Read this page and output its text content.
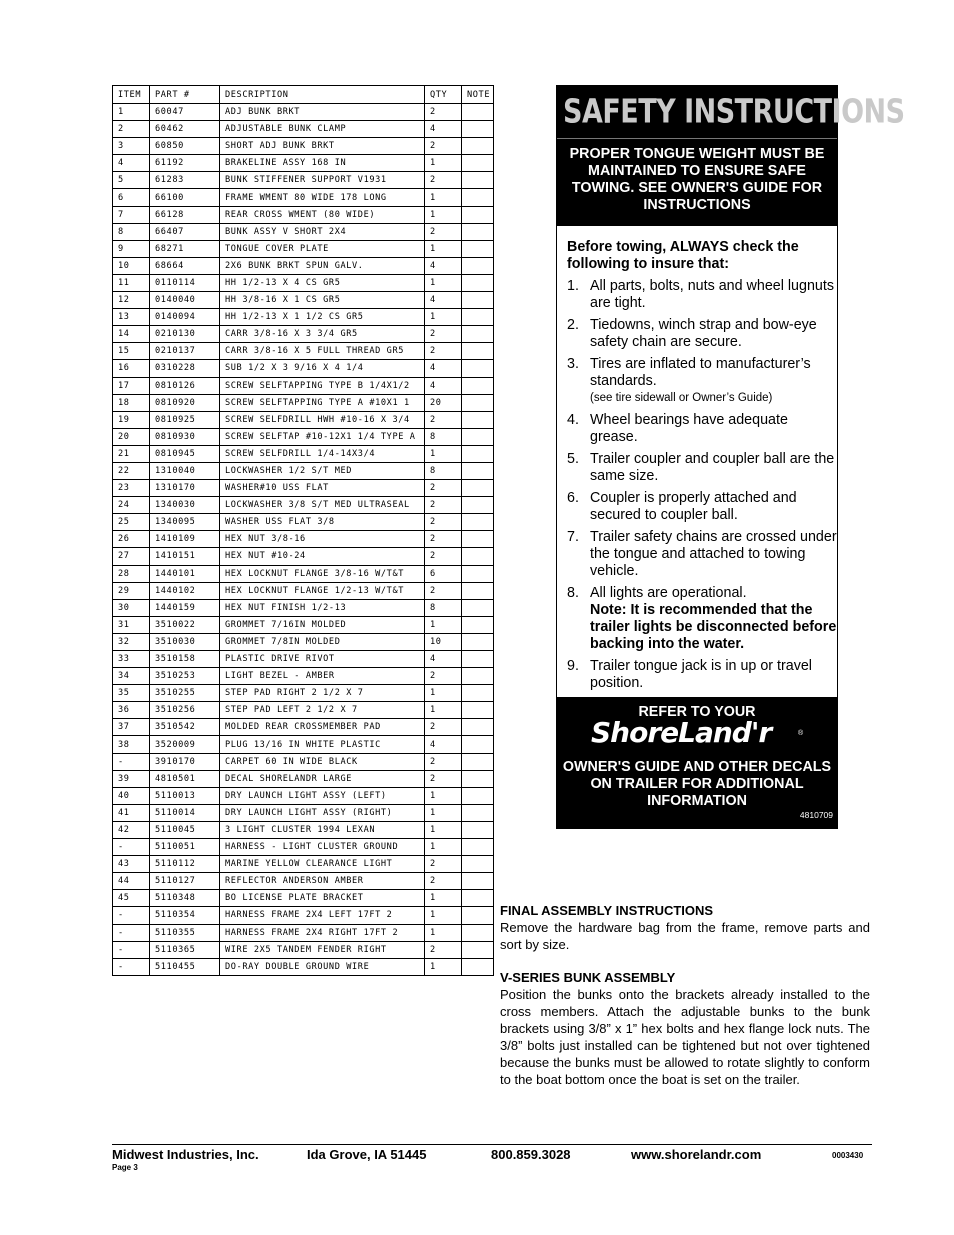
ITEM	PART #	DESCRIPTION	QTY	NOTE
1	60047	ADJ BUNK BRKT	2	
2	60462	ADJUSTABLE BUNK CLAMP	4	
3	60850	SHORT ADJ BUNK BRKT	2	
4	61192	BRAKELINE ASSY 168 IN	1	
5	61283	BUNK STIFFENER SUPPORT V1931	2	
6	66100	FRAME WMENT 80 WIDE 178 LONG	1	
7	66128	REAR CROSS WMENT (80 WIDE)	1	
8	66407	BUNK ASSY V SHORT 2X4	2	
9	68271	TONGUE COVER PLATE	1	
10	68664	2X6 BUNK BRKT SPUN GALV.	4	
11	0110114	HH 1/2-13 X 4 CS GR5	1	
12	0140040	HH 3/8-16 X 1 CS GR5	4	
13	0140094	HH 1/2-13 X 1 1/2 CS GR5	1	
14	0210130	CARR 3/8-16 X 3 3/4 GR5	2	
15	0210137	CARR 3/8-16 X 5 FULL THREAD GR5	2	
16	0310228	SUB 1/2 X 3 9/16 X 4 1/4	4	
17	0810126	SCREW SELFTAPPING TYPE B 1/4X1/2	4	
18	0810920	SCREW SELFTAPPING TYPE A #10X1 1	20	
19	0810925	SCREW SELFDRILL HWH #10-16 X 3/4	2	
20	0810930	SCREW SELFTAP #10-12X1 1/4 TYPE A	8	
21	0810945	SCREW SELFDRILL 1/4-14X3/4	1	
22	1310040	LOCKWASHER 1/2 S/T MED	8	
23	1310170	WASHER#10 USS FLAT	2	
24	1340030	LOCKWASHER 3/8 S/T MED ULTRASEAL	2	
25	1340095	WASHER USS FLAT 3/8	2	
26	1410109	HEX NUT 3/8-16	2	
27	1410151	HEX NUT #10-24	2	
28	1440101	HEX LOCKNUT FLANGE 3/8-16 W/T&T	6	
29	1440102	HEX LOCKNUT FLANGE 1/2-13 W/T&T	2	
30	1440159	HEX NUT FINISH 1/2-13	8	
31	3510022	GROMMET 7/16IN MOLDED	1	
32	3510030	GROMMET 7/8IN MOLDED	10	
33	3510158	PLASTIC DRIVE RIVOT	4	
34	3510253	LIGHT BEZEL - AMBER	2	
35	3510255	STEP PAD RIGHT 2 1/2 X 7	1	
36	3510256	STEP PAD LEFT 2 1/2 X 7	1	
37	3510542	MOLDED REAR CROSSMEMBER PAD	2	
38	3520009	PLUG 13/16 IN WHITE PLASTIC	4	
-	3910170	CARPET 60 IN WIDE BLACK	2	
39	4810501	DECAL SHORELANDR LARGE	2	
40	5110013	DRY LAUNCH LIGHT ASSY (LEFT)	1	
41	5110014	DRY LAUNCH LIGHT ASSY (RIGHT)	1	
42	5110045	3 LIGHT CLUSTER 1994 LEXAN	1	
-	5110051	HARNESS - LIGHT CLUSTER GROUND	1	
43	5110112	MARINE YELLOW CLEARANCE LIGHT	2	
44	5110127	REFLECTOR ANDERSON AMBER	2	
45	5110348	BO LICENSE PLATE BRACKET	1	
-	5110354	HARNESS FRAME 2X4 LEFT 17FT 2	1	
-	5110355	HARNESS FRAME 2X4 RIGHT 17FT 2	1	
-	5110365	WIRE 2X5 TANDEM FENDER RIGHT	2	
-	5110455	DO-RAY DOUBLE GROUND WIRE	1	
SAFETY INSTRUCTIONS
PROPER TONGUE WEIGHT MUST BE MAINTAINED TO ENSURE SAFE TOWING. SEE OWNER'S GUIDE FOR INSTRUCTIONS
Before towing, ALWAYS check the following to insure that:
1. All parts, bolts, nuts and wheel lugnuts are tight.
2. Tiedowns, winch strap and bow-eye safety chain are secure.
3. Tires are inflated to manufacturer’s standards.
(see tire sidewall or Owner’s Guide)
4. Wheel bearings have adequate grease.
5. Trailer coupler and coupler ball are the same size.
6. Coupler is properly attached and secured to coupler ball.
7. Trailer safety chains are crossed under the tongue and attached to towing vehicle.
8. All lights are operational.
Note: It is recommended that the trailer lights be disconnected before backing into the water.
9. Trailer tongue jack is in up or travel position.
REFER TO YOUR
ShoreLand'r	®
OWNER'S GUIDE AND OTHER DECALS ON TRAILER FOR ADDITIONAL INFORMATION
4810709
FINAL ASSEMBLY INSTRUCTIONS

Remove the hardware bag from the frame, remove parts and sort by size.

V-SERIES BUNK ASSEMBLY

Position the bunks onto the brackets already installed to the cross members. Attach the adjustable bunks to the bunk brackets using 3/8” x 1” hex bolts and hex flange lock nuts. The 3/8” bolts just installed can be tightened but not over tightened because the bunks must be allowed to rotate slightly to conform to the boat bottom once the boat is set on the trailer.

Midwest Industries, Inc.	Ida Grove, IA 51445	800.859.3028	www.shorelandr.com	0003430
Page 3
